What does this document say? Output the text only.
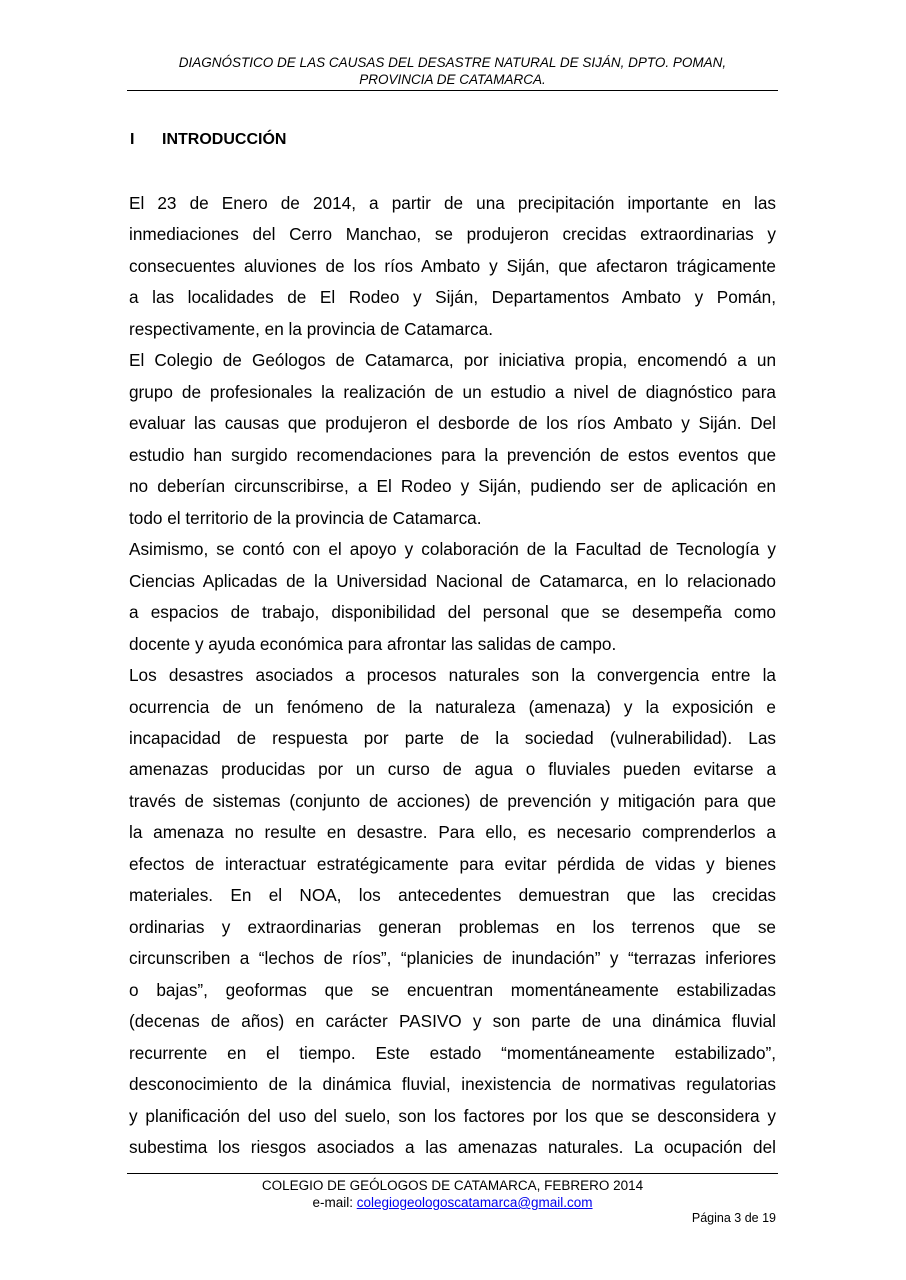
DIAGNÓSTICO DE LAS CAUSAS DEL DESASTRE NATURAL DE SIJÁN, DPTO. POMAN,
PROVINCIA DE CATAMARCA.
I INTRODUCCIÓN
El 23 de Enero de 2014, a partir de una precipitación importante en las
inmediaciones del Cerro Manchao, se produjeron crecidas extraordinarias y
consecuentes aluviones de los ríos Ambato y Siján, que afectaron trágicamente
a las localidades de El Rodeo y Siján, Departamentos Ambato y Pomán,
respectivamente, en la provincia de Catamarca.
El Colegio de Geólogos de Catamarca, por iniciativa propia, encomendó a un
grupo de profesionales la realización de un estudio a nivel de diagnóstico para
evaluar las causas que produjeron el desborde de los ríos Ambato y Siján. Del
estudio han surgido recomendaciones para la prevención de estos eventos que
no deberían circunscribirse, a El Rodeo y Siján, pudiendo ser de aplicación en
todo el territorio de la provincia de Catamarca.
Asimismo, se contó con el apoyo y colaboración de la Facultad de Tecnología y
Ciencias Aplicadas de la Universidad Nacional de Catamarca, en lo relacionado
a espacios de trabajo, disponibilidad del personal que se desempeña como
docente y ayuda económica para afrontar las salidas de campo.
Los desastres asociados a procesos naturales son la convergencia entre la
ocurrencia de un fenómeno de la naturaleza (amenaza) y la exposición e
incapacidad de respuesta por parte de la sociedad (vulnerabilidad). Las
amenazas producidas por un curso de agua o fluviales pueden evitarse a
través de sistemas (conjunto de acciones) de prevención y mitigación para que
la amenaza no resulte en desastre. Para ello, es necesario comprenderlos a
efectos de interactuar estratégicamente para evitar pérdida de vidas y bienes
materiales. En el NOA, los antecedentes demuestran que las crecidas
ordinarias y extraordinarias generan problemas en los terrenos que se
circunscriben a “lechos de ríos”, “planicies de inundación” y “terrazas inferiores
o bajas”, geoformas que se encuentran momentáneamente estabilizadas
(decenas de años) en carácter PASIVO y son parte de una dinámica fluvial
recurrente en el tiempo. Este estado “momentáneamente estabilizado”,
desconocimiento de la dinámica fluvial, inexistencia de normativas regulatorias
y planificación del uso del suelo, son los factores por los que se desconsidera y
subestima los riesgos asociados a las amenazas naturales. La ocupación del
COLEGIO DE GEÓLOGOS DE CATAMARCA, FEBRERO 2014
e-mail: colegiogeologoscatamarca@gmail.com
Página 3 de 19
